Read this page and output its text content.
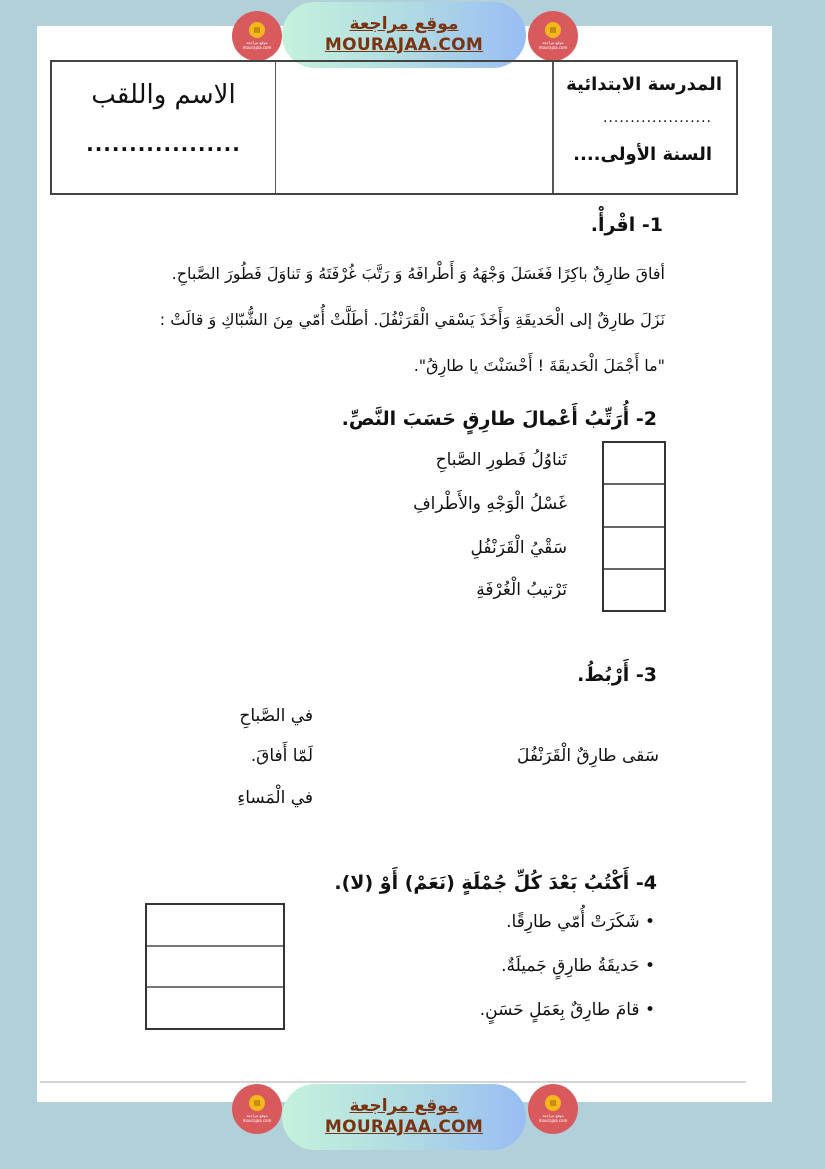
▤
موقع مراجعة
mourajaa.com
موقع مراجعة
MOURAJAA.COM
▤
موقع مراجعة
mourajaa.com
الاسم واللقب
..................
المدرسة الابتدائية
....................
السنة الأولى....
1- اقْرأْ.
أفاقَ طارِقٌ باكِرًا فَغَسَلَ وَجْهَهُ وَ أَطْرافَهُ وَ رَتَّبَ غُرْفَتَهُ وَ تَناوَلَ فَطُورَ الصَّباحِ.
نَزَلَ طارِقٌ إلى الْحَديقَةِ وَأَخَذَ يَسْقي الْقَرَنْفُلَ. أطَلَّتْ أُمّي مِنَ الشُّبّاكِ وَ قالَتْ :
"ما أَجْمَلَ الْحَديقَةَ ! أَحْسَنْتَ يا طارِقُ".
2- أُرَتِّبُ أَعْمالَ طارِقٍ حَسَبَ النَّصِّ.
تَناوُلُ فَطورِ الصَّباحِ
غَسْلُ الْوَجْهِ والأَطْرافِ
سَقْيُ الْقَرَنْفُلِ
تَرْتيبُ الْغُرْفَةِ
3- أَرْبُطُ.
سَقى طارِقٌ الْقَرَنْفُلَ
في الصَّباحِ
لَمّا أَفاقَ.
في الْمَساءِ
4- أَكْتُبُ بَعْدَ كُلِّ جُمْلَةٍ (نَعَمْ) أَوْ (لا).
• شَكَرَتْ أُمّي طارِقًا.
• حَديقَةُ طارِقٍ جَميلَةٌ.
• قامَ طارِقٌ بِعَمَلٍ حَسَنٍ.
▤
موقع مراجعة
mourajaa.com
موقع مراجعة
MOURAJAA.COM
▤
موقع مراجعة
mourajaa.com
